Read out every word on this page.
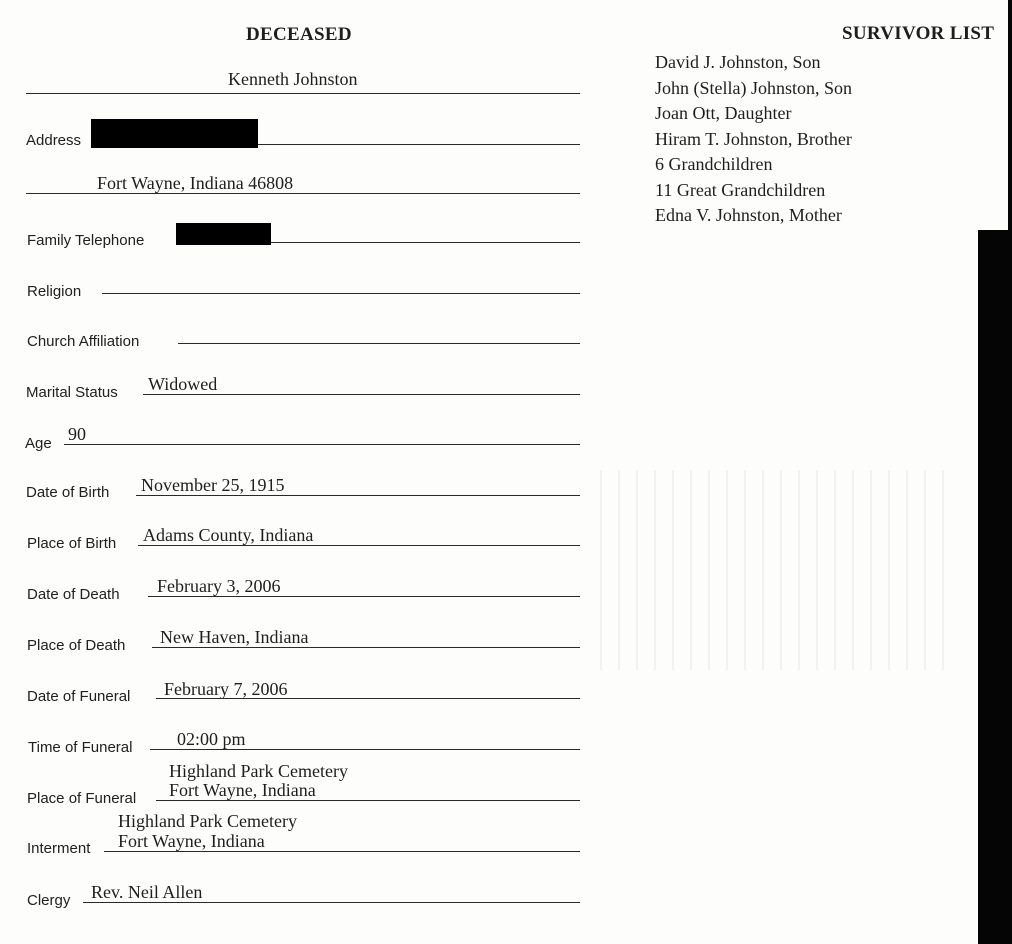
DECEASED
Kenneth Johnston
Address
Fort Wayne, Indiana 46808
Family Telephone
Religion
Church Affiliation
Marital Status Widowed
Age 90
Date of Birth November 25, 1915
Place of Birth Adams County, Indiana
Date of Death February 3, 2006
Place of Death New Haven, Indiana
Date of Funeral February 7, 2006
Time of Funeral 02:00 pm
Highland Park Cemetery
Place of Funeral Fort Wayne, Indiana
Highland Park Cemetery
Interment Fort Wayne, Indiana
Clergy Rev. Neil Allen
SURVIVOR LIST
David J. Johnston, Son
John (Stella) Johnston, Son
Joan Ott, Daughter
Hiram T. Johnston, Brother
6 Grandchildren
11 Great Grandchildren
Edna V. Johnston, Mother
